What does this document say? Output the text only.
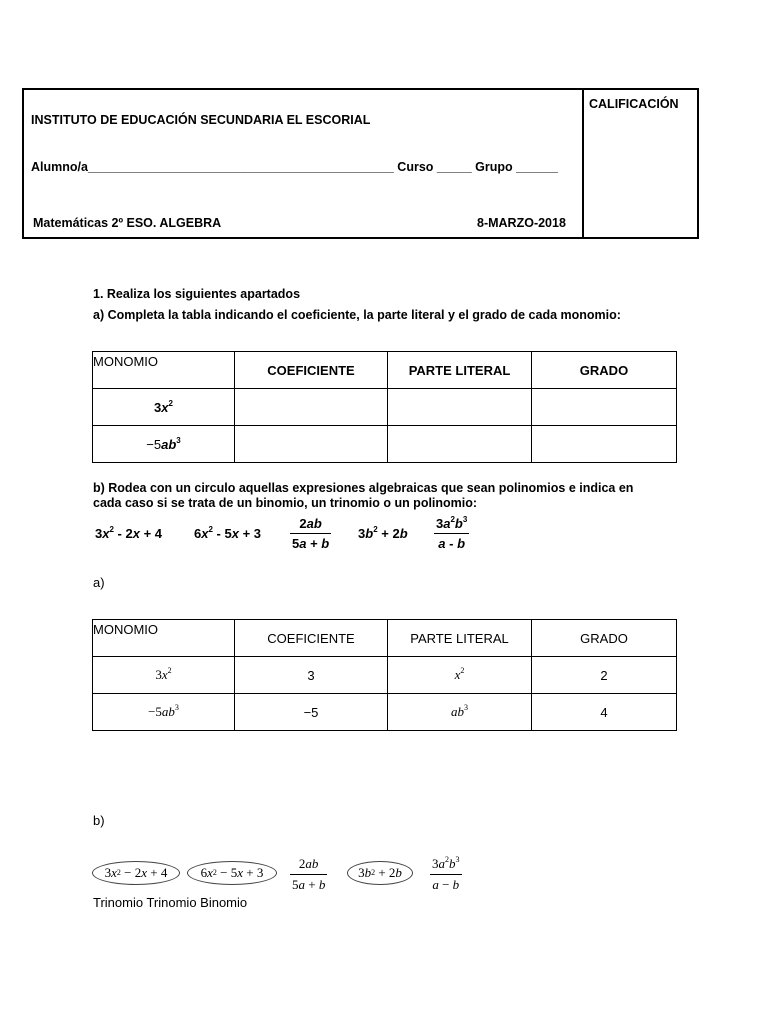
CALIFICACIÓN
INSTITUTO DE EDUCACIÓN SECUNDARIA EL ESCORIAL
Alumno/a____________________________________________ Curso _____ Grupo ______
Matemáticas 2º ESO. ALGEBRA	8-MARZO-2018
1. Realiza los siguientes apartados
a) Completa la tabla indicando el coeficiente, la parte literal y el grado de cada monomio:
MONOMIO	COEFICIENTE	PARTE LITERAL	GRADO
$3x^2$			
$-5ab^3$			
b) Rodea con un circulo aquellas expresiones algebraicas que sean polinomios e indica en cada caso si se trata de un binomio, un trinomio o un polinomio:
$3x^2 - 2x + 4$ $6x^2 - 5x + 3 \frac{2ab}{5a + b} 3b^2 + 2b \frac{3a^2b^3}{a - b}$
a)
MONOMIO	COEFICIENTE	PARTE LITERAL	GRADO
$3x^2$	3	$x^2$	2
$-5ab^3$	−5	$ab^3$	4
b)
3 x 2 − 2 x + 4	6 x 2 − 5 x + 3	$\frac{2ab}{5a + b}$	3 b 2 + 2 b $\frac{3a^2b^3}{a - b}$
Trinomio Trinomio Binomio
